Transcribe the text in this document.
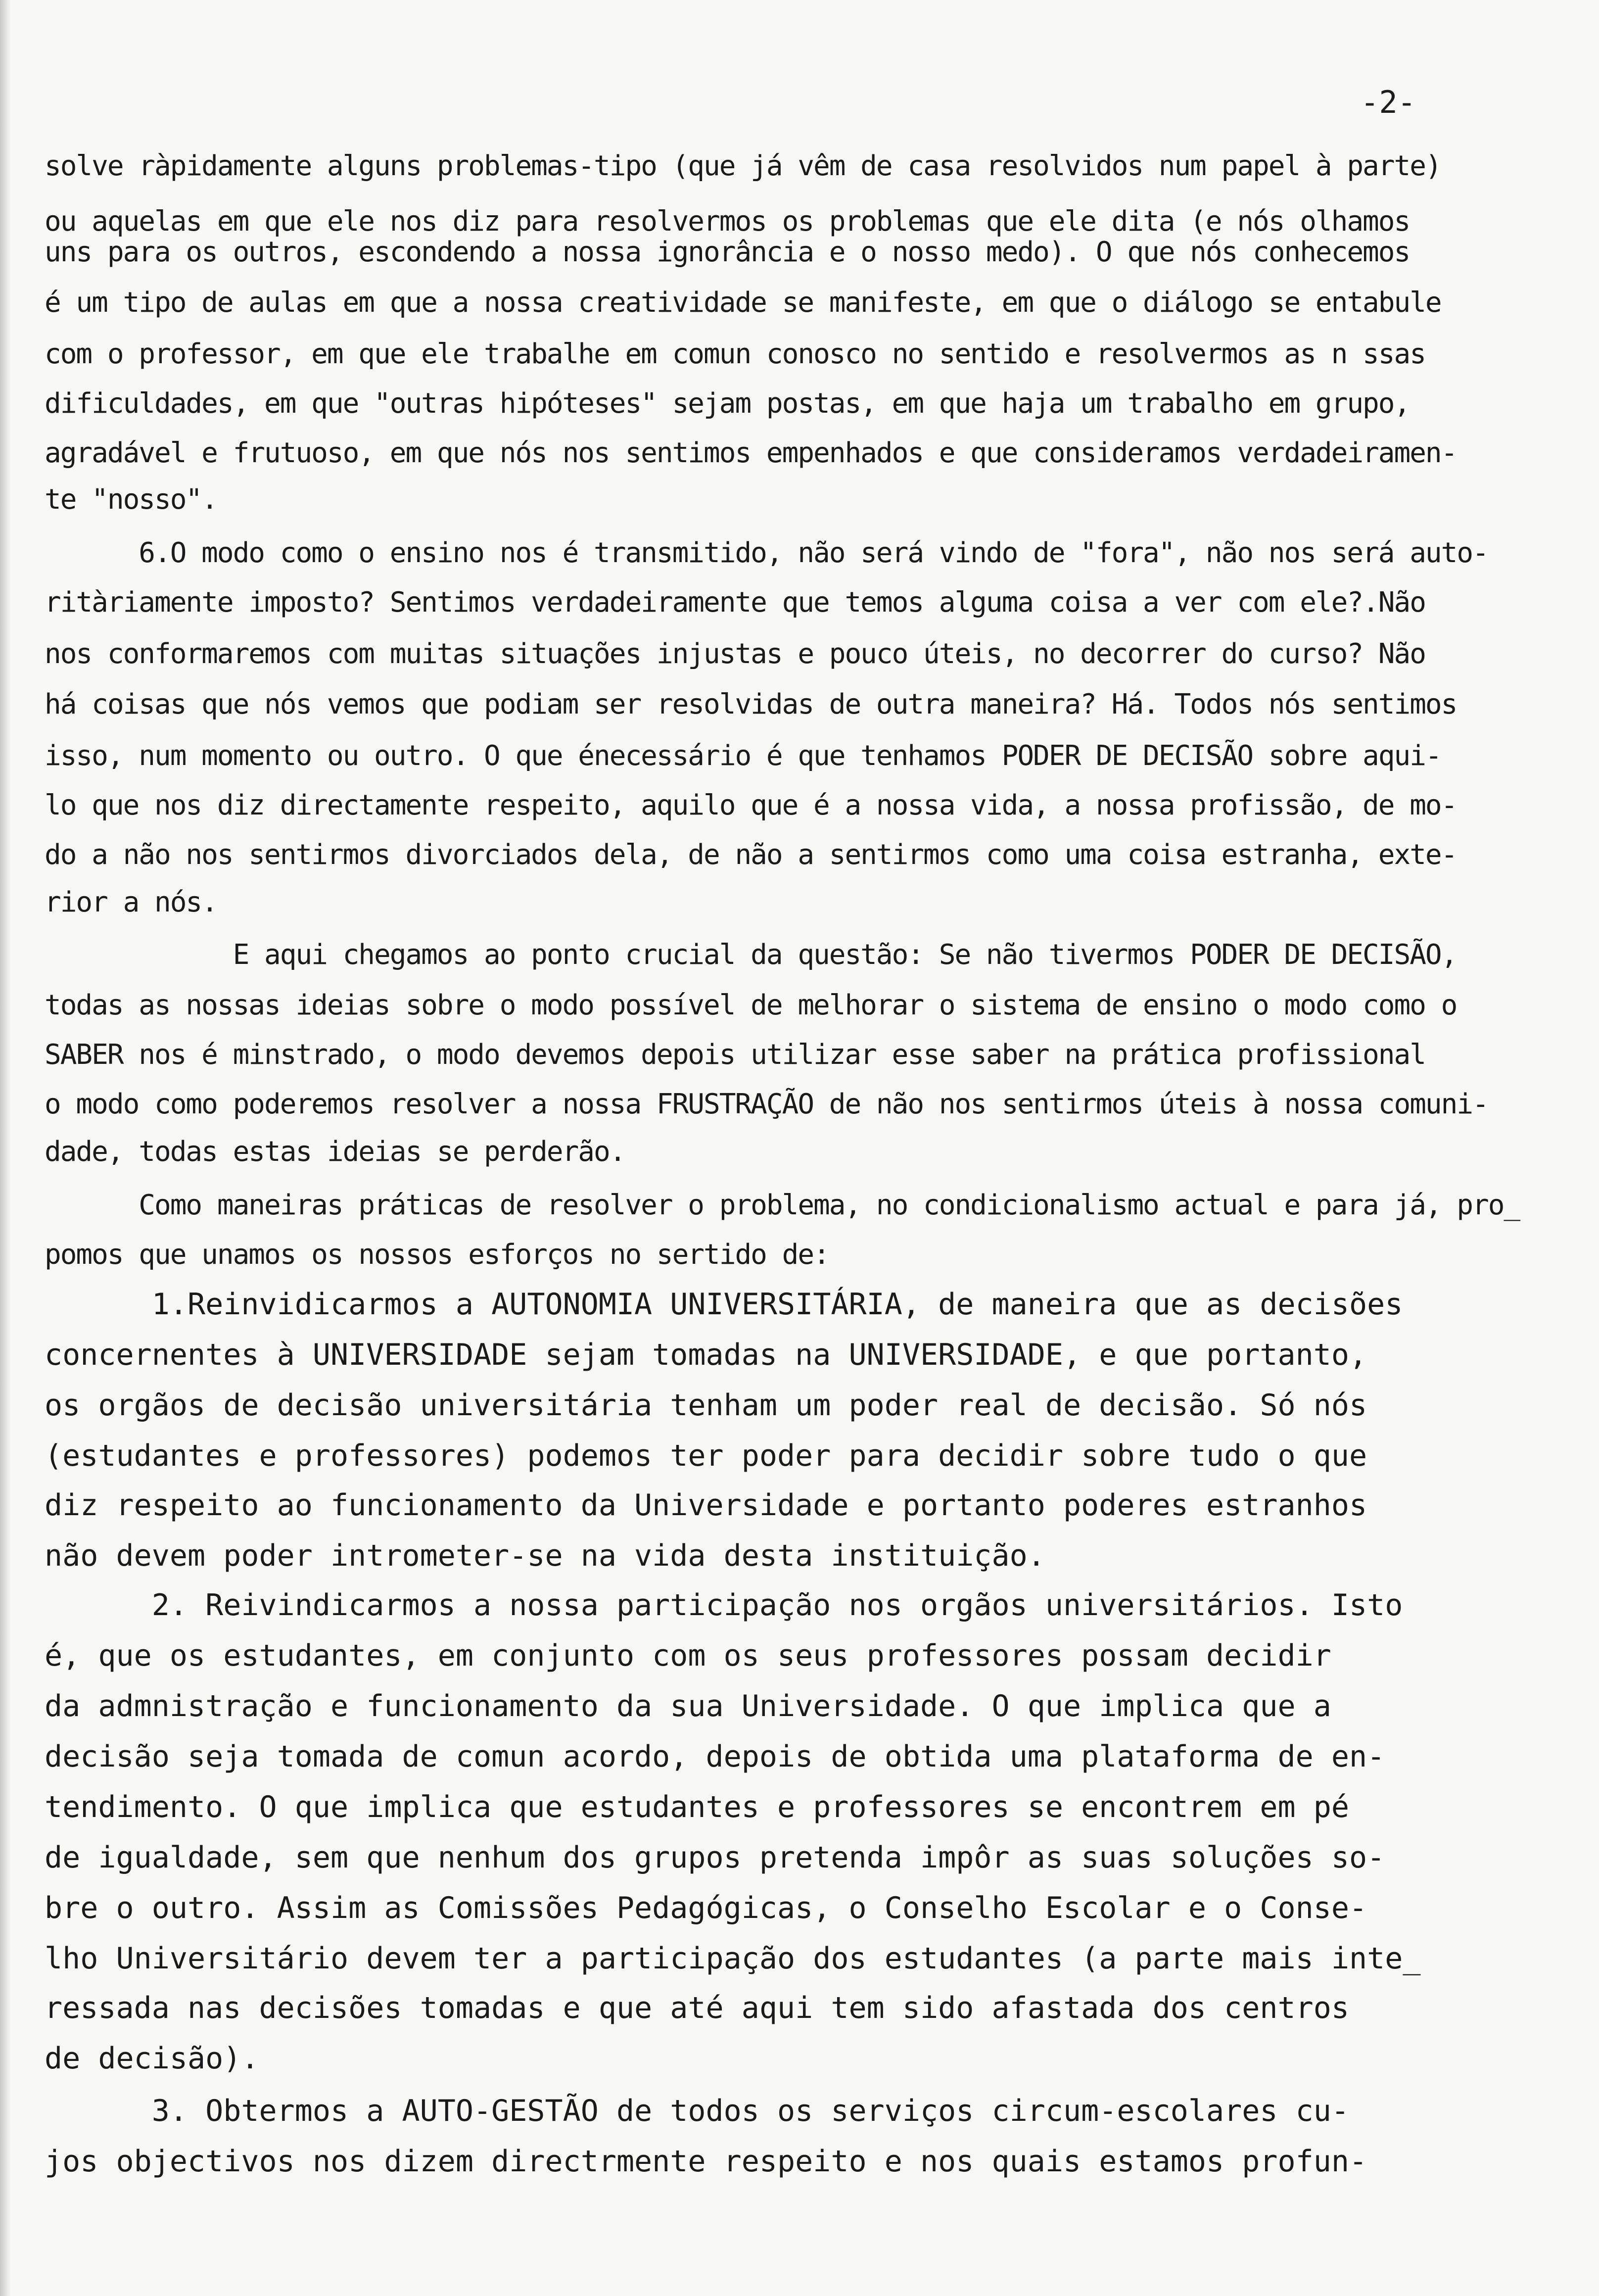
-2-
solve ràpidamente alguns problemas-tipo (que já vêm de casa resolvidos num papel à parte)
ou aquelas em que ele nos diz para resolvermos os problemas que ele dita (e nós olhamos
uns para os outros, escondendo a nossa ignorância e o nosso medo). O que nós conhecemos
é um tipo de aulas em que a nossa creatividade se manifeste, em que o diálogo se entabule
com o professor, em que ele trabalhe em comun conosco no sentido e resolvermos as n ssas
dificuldades, em que "outras hipóteses" sejam postas, em que haja um trabalho em grupo,
agradável e frutuoso, em que nós nos sentimos empenhados e que consideramos verdadeiramen-
te "nosso".
6.O modo como o ensino nos é transmitido, não será vindo de "fora", não nos será auto-
ritàriamente imposto? Sentimos verdadeiramente que temos alguma coisa a ver com ele?.Não
nos conformaremos com muitas situações injustas e pouco úteis, no decorrer do curso? Não
há coisas que nós vemos que podiam ser resolvidas de outra maneira? Há. Todos nós sentimos
isso, num momento ou outro. O que énecessário é que tenhamos PODER DE DECISÃO sobre aqui-
lo que nos diz directamente respeito, aquilo que é a nossa vida, a nossa profissão, de mo-
do a não nos sentirmos divorciados dela, de não a sentirmos como uma coisa estranha, exte-
rior a nós.
E aqui chegamos ao ponto crucial da questão: Se não tivermos PODER DE DECISÃO,
todas as nossas ideias sobre o modo possível de melhorar o sistema de ensino o modo como o
SABER nos é minstrado, o modo devemos depois utilizar esse saber na prática profissional
o modo como poderemos resolver a nossa FRUSTRAÇÃO de não nos sentirmos úteis à nossa comuni-
dade, todas estas ideias se perderão.
Como maneiras práticas de resolver o problema, no condicionalismo actual e para já, pro_
pomos que unamos os nossos esforços no sertido de:
1.Reinvidicarmos a AUTONOMIA UNIVERSITÁRIA, de maneira que as decisões
concernentes à UNIVERSIDADE sejam tomadas na UNIVERSIDADE, e que portanto,
os orgãos de decisão universitária tenham um poder real de decisão. Só nós
(estudantes e professores) podemos ter poder para decidir sobre tudo o que
diz respeito ao funcionamento da Universidade e portanto poderes estranhos
não devem poder intrometer-se na vida desta instituição.
2. Reivindicarmos a nossa participação nos orgãos universitários. Isto
é, que os estudantes, em conjunto com os seus professores possam decidir
da admnistração e funcionamento da sua Universidade. O que implica que a
decisão seja tomada de comun acordo, depois de obtida uma plataforma de en-
tendimento. O que implica que estudantes e professores se encontrem em pé
de igualdade, sem que nenhum dos grupos pretenda impôr as suas soluções so-
bre o outro. Assim as Comissões Pedagógicas, o Conselho Escolar e o Conse-
lho Universitário devem ter a participação dos estudantes (a parte mais inte_
ressada nas decisões tomadas e que até aqui tem sido afastada dos centros
de decisão).
3. Obtermos a AUTO-GESTÃO de todos os serviços circum-escolares cu-
jos objectivos nos dizem directrmente respeito e nos quais estamos profun-
